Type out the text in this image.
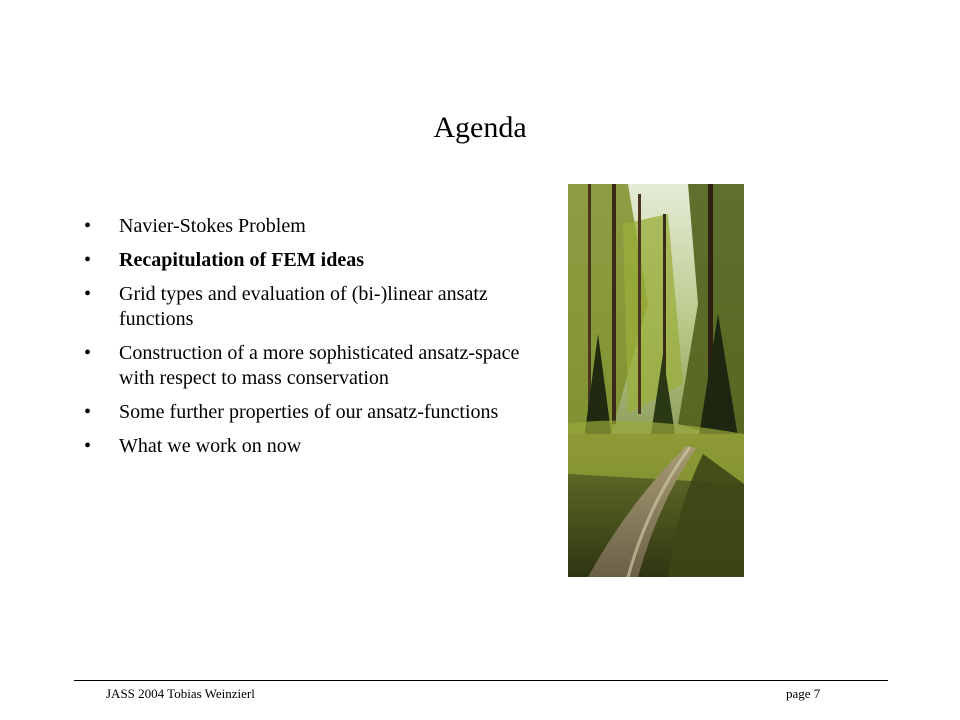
Agenda
• Navier-Stokes Problem
• Recapitulation of FEM ideas
• Grid types and evaluation of (bi-)linear ansatz functions
• Construction of a more sophisticated ansatz-space with respect to mass conservation
• Some further properties of our ansatz-functions
• What we work on now
JASS 2004 Tobias Weinzierl	page 7
